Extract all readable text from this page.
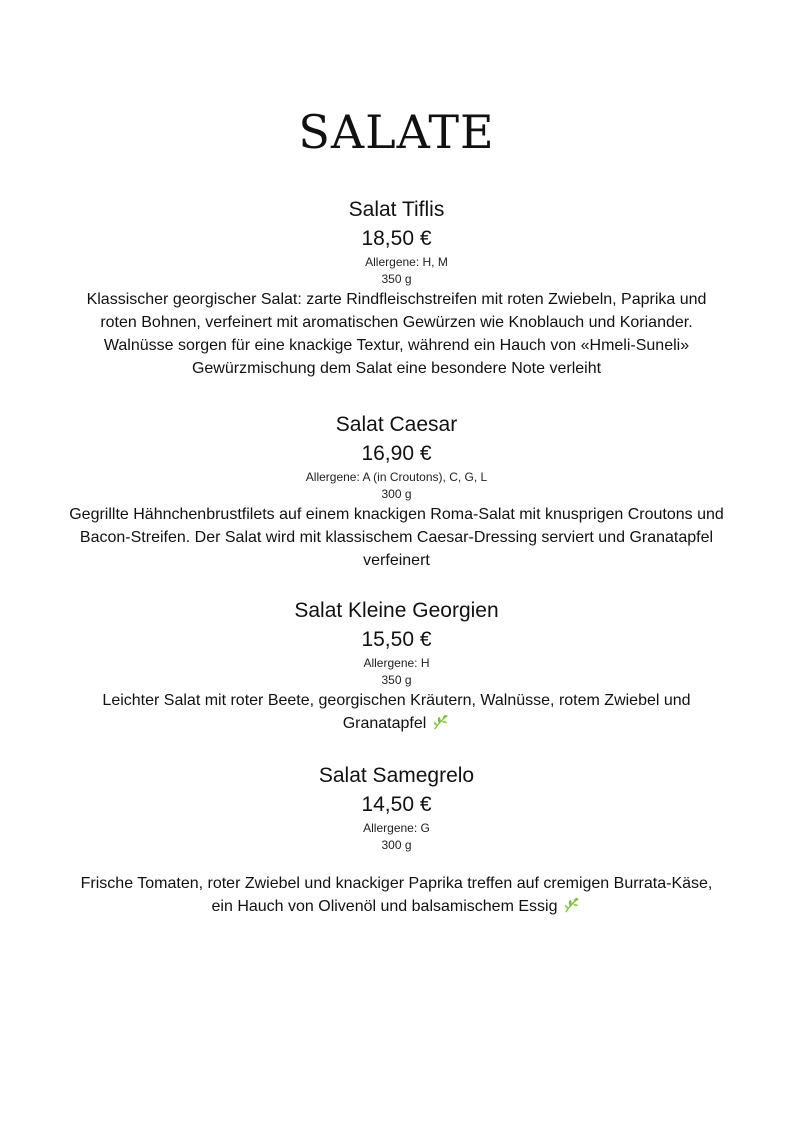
SALATE
Salat Tiflis
18,50 €
Allergene: H, M
350 g
Klassischer georgischer Salat: zarte Rindfleischstreifen mit roten Zwiebeln, Paprika und roten Bohnen, verfeinert mit aromatischen Gewürzen wie Knoblauch und Koriander. Walnüsse sorgen für eine knackige Textur, während ein Hauch von «Hmeli-Suneli» Gewürzmischung dem Salat eine besondere Note verleiht
Salat Caesar
16,90 €
Allergene: A (in Croutons), C, G, L
300 g
Gegrillte Hähnchenbrustfilets auf einem knackigen Roma-Salat mit knusprigen Croutons und Bacon-Streifen. Der Salat wird mit klassischem Caesar-Dressing serviert und Granatapfel verfeinert
Salat Kleine Georgien
15,50 €
Allergene: H
350 g
Leichter Salat mit roter Beete, georgischen Kräutern, Walnüsse, rotem Zwiebel und Granatapfel
Salat Samegrelo
14,50 €
Allergene: G
300 g
Frische Tomaten, roter Zwiebel und knackiger Paprika treffen auf cremigen Burrata-Käse, ein Hauch von Olivenöl und balsamischem Essig
